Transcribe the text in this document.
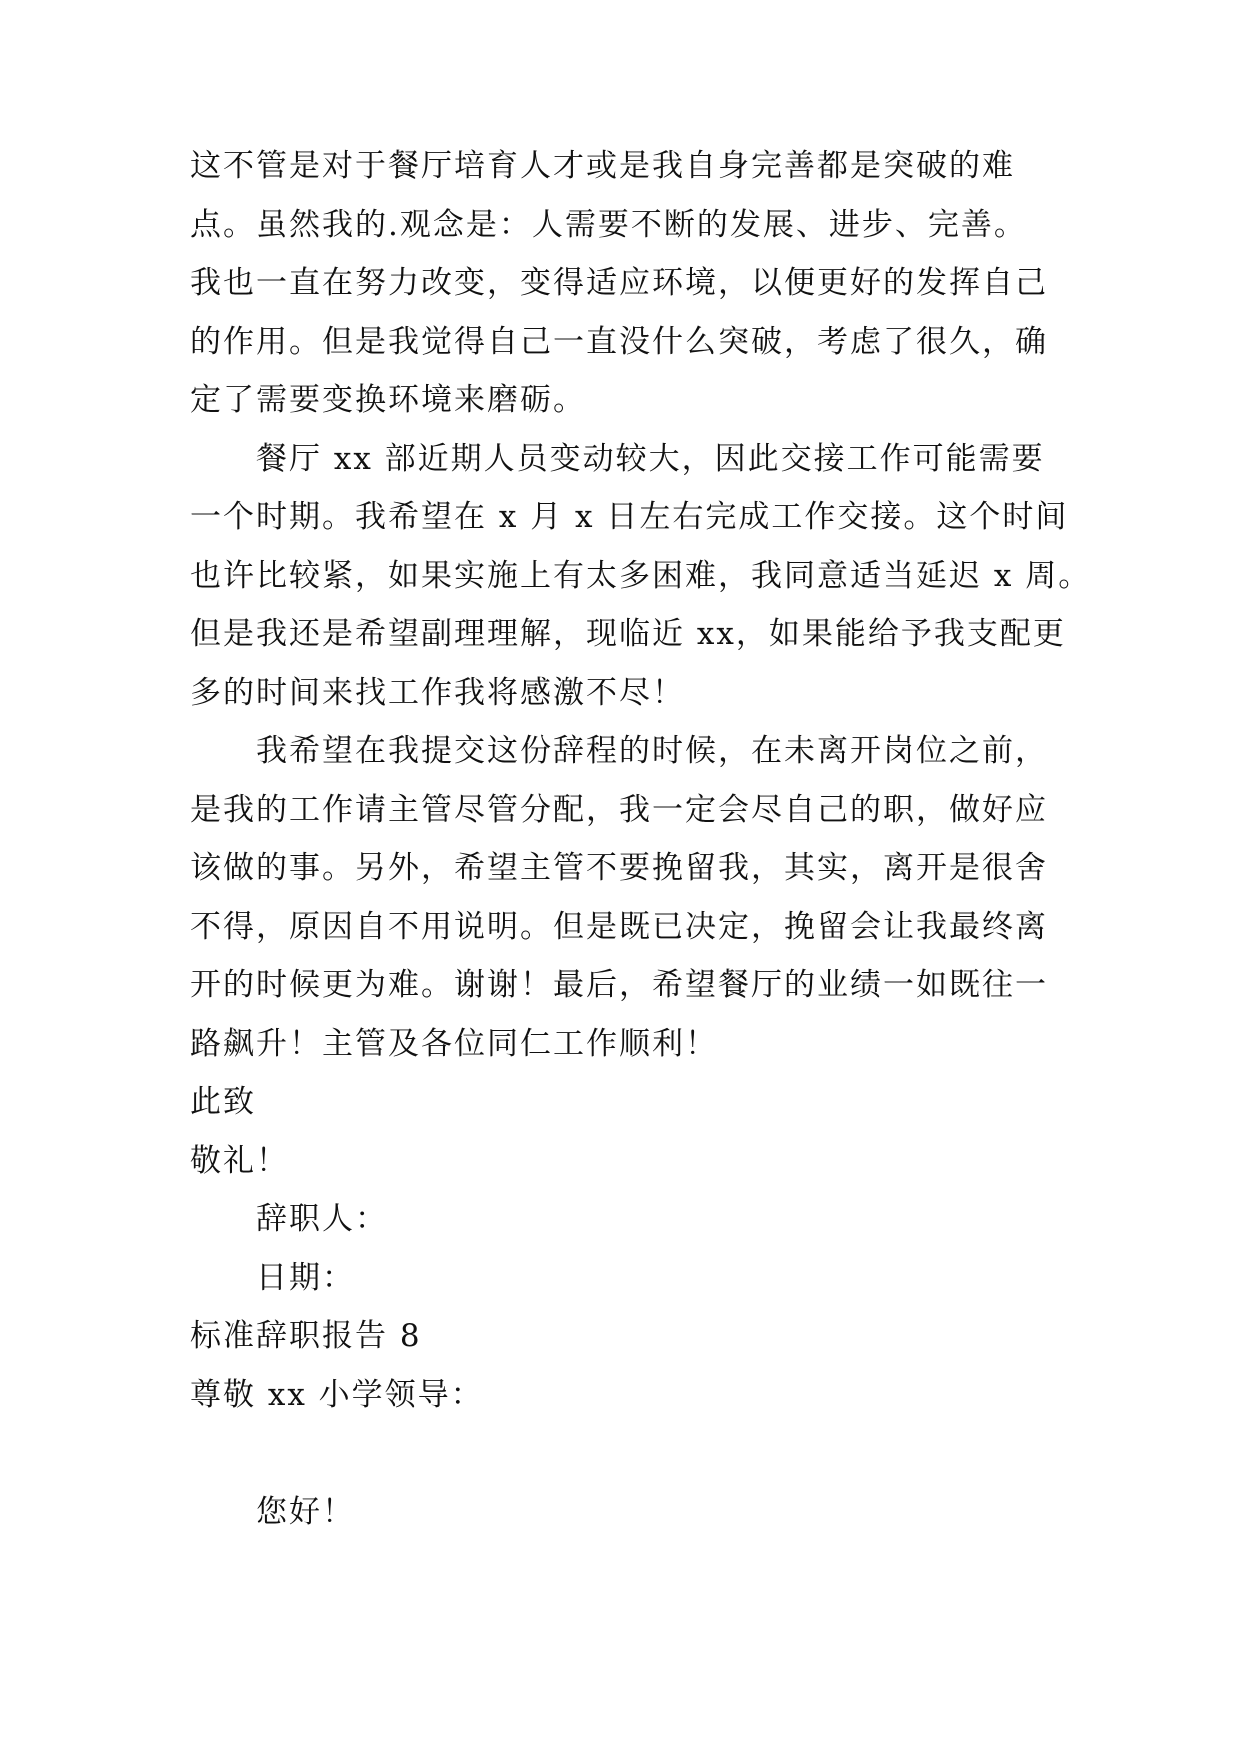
这不管是对于餐厅培育人才或是我自身完善都是突破的难
点。虽然我的.观念是：人需要不断的发展、进步、完善。
我也一直在努力改变，变得适应环境，以便更好的发挥自己
的作用。但是我觉得自己一直没什么突破，考虑了很久，确
定了需要变换环境来磨砺。
餐厅 xx 部近期人员变动较大，因此交接工作可能需要
一个时期。我希望在 x 月 x 日左右完成工作交接。这个时间
也许比较紧，如果实施上有太多困难，我同意适当延迟 x 周。
但是我还是希望副理理解，现临近 xx，如果能给予我支配更
多的时间来找工作我将感激不尽！
我希望在我提交这份辞程的时候，在未离开岗位之前，
是我的工作请主管尽管分配，我一定会尽自己的职，做好应
该做的事。另外，希望主管不要挽留我，其实，离开是很舍
不得，原因自不用说明。但是既已决定，挽留会让我最终离
开的时候更为难。谢谢！最后，希望餐厅的业绩一如既往一
路飙升！主管及各位同仁工作顺利！
此致
敬礼！
辞职人：
日期：
标准辞职报告 8
尊敬 xx 小学领导：
您好！
